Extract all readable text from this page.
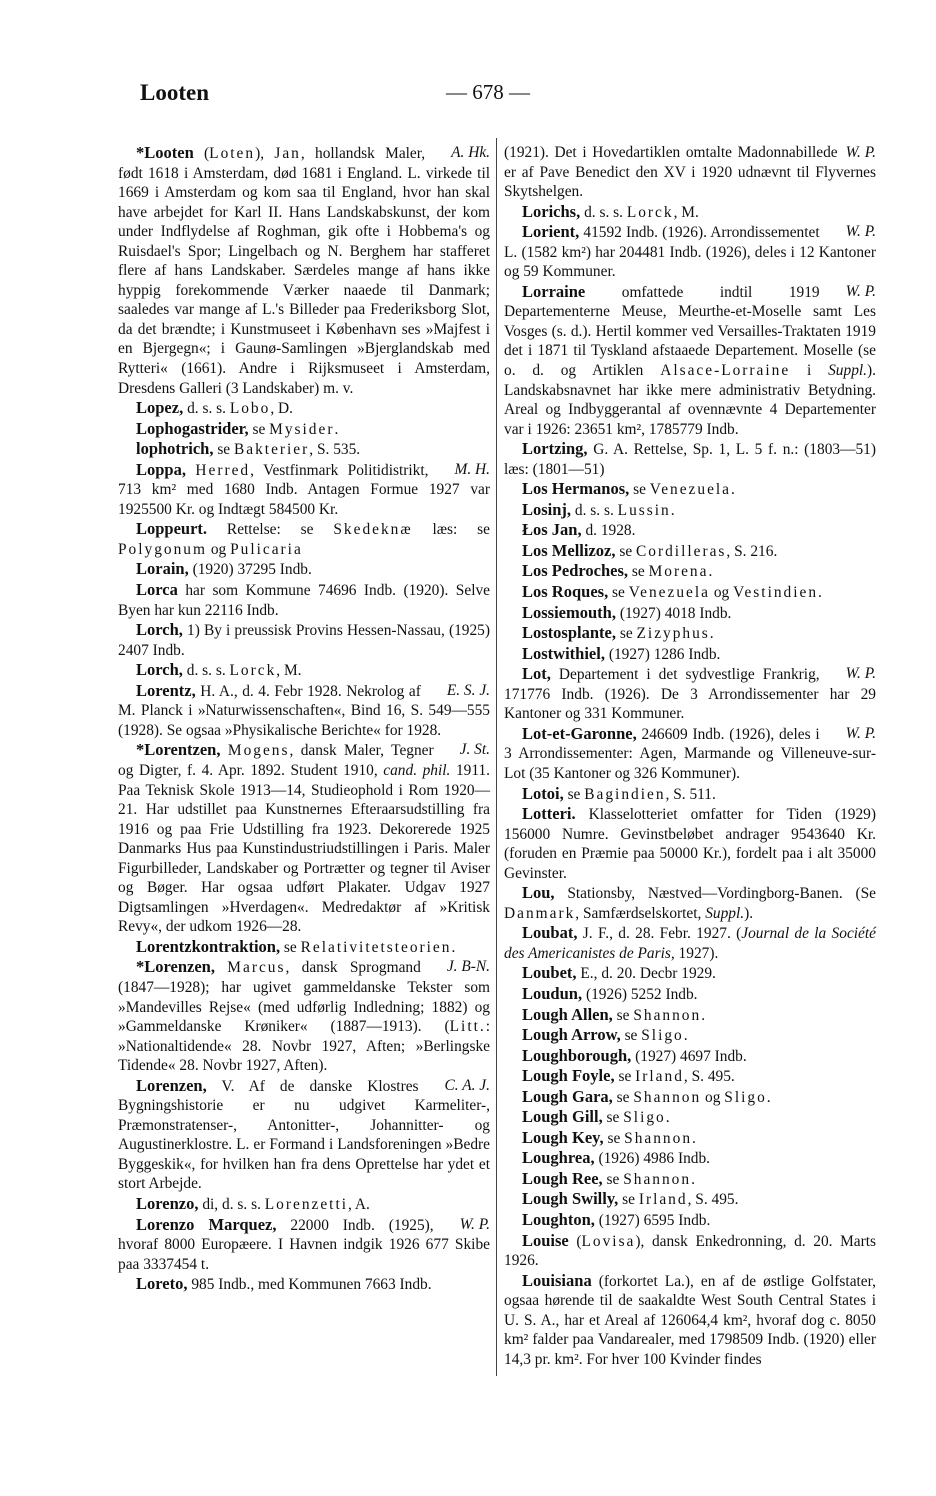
Looten	— 678 —

A. Hk.
*Looten (Loten), Jan, hollandsk Maler, født 1618 i Amsterdam, død 1681 i England. L. virkede til 1669 i Amsterdam og kom saa til England, hvor han skal have arbejdet for Karl II. Hans Landskabskunst, der kom under Indflydelse af Roghman, gik ofte i Hobbema's og Ruisdael's Spor; Lingelbach og N. Berghem har stafferet flere af hans Landskaber. Særdeles mange af hans ikke hyppig forekommende Værker naaede til Danmark; saaledes var mange af L.'s Billeder paa Frederiksborg Slot, da det brændte; i Kunstmuseet i København ses »Majfest i en Bjergegn«; i Gaunø-Samlingen »Bjerglandskab med Rytteri« (1661). Andre i Rijksmuseet i Amsterdam, Dresdens Galleri (3 Landskaber) m. v.

Lopez, d. s. s. Lobo, D.

Lophogastrider, se Mysider.

lophotrich, se Bakterier, S. 535.

M. H.
Loppa, Herred, Vestfinmark Politidistrikt, 713 km² med 1680 Indb. Antagen Formue 1927 var 1925500 Kr. og Indtægt 584500 Kr.

Loppeurt. Rettelse: se Skedeknæ læs: se Polygonum og Pulicaria

Lorain, (1920) 37295 Indb.

Lorca har som Kommune 74696 Indb. (1920). Selve Byen har kun 22116 Indb.

Lorch, 1) By i preussisk Provins Hessen-Nassau, (1925) 2407 Indb.

Lorch, d. s. s. Lorck, M.

E. S. J.
Lorentz, H. A., d. 4. Febr 1928. Nekrolog af M. Planck i »Naturwissenschaften«, Bind 16, S. 549—555 (1928). Se ogsaa »Physikalische Berichte« for 1928.

J. St.
*Lorentzen, Mogens, dansk Maler, Tegner og Digter, f. 4. Apr. 1892. Student 1910, cand. phil. 1911. Paa Teknisk Skole 1913—14, Studieophold i Rom 1920—21. Har udstillet paa Kunstnernes Efteraarsudstilling fra 1916 og paa Frie Udstilling fra 1923. Dekorerede 1925 Danmarks Hus paa Kunstindustriudstillingen i Paris. Maler Figurbilleder, Landskaber og Portrætter og tegner til Aviser og Bøger. Har ogsaa udført Plakater. Udgav 1927 Digtsamlingen »Hverdagen«. Medredaktør af »Kritisk Revy«, der udkom 1926—28.

Lorentzkontraktion, se Relativitetsteorien.

J. B-N.
*Lorenzen, Marcus, dansk Sprogmand (1847—1928); har ugivet gammeldanske Tekster som »Mandevilles Rejse« (med udførlig Indledning; 1882) og »Gammeldanske Krøniker« (1887—1913). (Litt.: »Nationaltidende« 28. Novbr 1927, Aften; »Berlingske Tidende« 28. Novbr 1927, Aften).

C. A. J.
Lorenzen, V. Af de danske Klostres Bygningshistorie er nu udgivet Karmeliter-, Præmonstratenser-, Antonitter-, Johannitter- og Augustinerklostre. L. er Formand i Landsforeningen »Bedre Byggeskik«, for hvilken han fra dens Oprettelse har ydet et stort Arbejde.

Lorenzo, di, d. s. s. Lorenzetti, A.

W. P.
Lorenzo Marquez, 22000 Indb. (1925), hvoraf 8000 Europæere. I Havnen indgik 1926 677 Skibe paa 3337454 t.

Loreto, 985 Indb., med Kommunen 7663 Indb.

W. P.
(1921). Det i Hovedartiklen omtalte Madonnabillede er af Pave Benedict den XV i 1920 udnævnt til Flyvernes Skytshelgen.

Lorichs, d. s. s. Lorck, M.

W. P.
Lorient, 41592 Indb. (1926). Arrondissementet L. (1582 km²) har 204481 Indb. (1926), deles i 12 Kantoner og 59 Kommuner.

W. P.
Lorraine omfattede indtil 1919 Departementerne Meuse, Meurthe-et-Moselle samt Les Vosges (s. d.). Hertil kommer ved Versailles-Traktaten 1919 det i 1871 til Tyskland afstaaede Departement. Moselle (se o. d. og Artiklen Alsace-Lorraine i Suppl.). Landskabsnavnet har ikke mere administrativ Betydning. Areal og Indbyggerantal af ovennævnte 4 Departementer var i 1926: 23651 km², 1785779 Indb.

Lortzing, G. A. Rettelse, Sp. 1, L. 5 f. n.: (1803—51) læs: (1801—51)

Los Hermanos, se Venezuela.

Losinj, d. s. s. Lussin.

Łos Jan, d. 1928.

Los Mellizoz, se Cordilleras, S. 216.

Los Pedroches, se Morena.

Los Roques, se Venezuela og Vestindien.

Lossiemouth, (1927) 4018 Indb.

Lostosplante, se Zizyphus.

Lostwithiel, (1927) 1286 Indb.

W. P.
Lot, Departement i det sydvestlige Frankrig, 171776 Indb. (1926). De 3 Arrondissementer har 29 Kantoner og 331 Kommuner.

W. P.
Lot-et-Garonne, 246609 Indb. (1926), deles i 3 Arrondissementer: Agen, Marmande og Villeneuve-sur-Lot (35 Kantoner og 326 Kommuner).

Lotoi, se Bagindien, S. 511.

Lotteri. Klasselotteriet omfatter for Tiden (1929) 156000 Numre. Gevinstbeløbet andrager 9543640 Kr. (foruden en Præmie paa 50000 Kr.), fordelt paa i alt 35000 Gevinster.

Lou, Stationsby, Næstved—Vordingborg-Banen. (Se Danmark, Samfærdselskortet, Suppl.).

Loubat, J. F., d. 28. Febr. 1927. (Journal de la Société des Americanistes de Paris, 1927).

Loubet, E., d. 20. Decbr 1929.

Loudun, (1926) 5252 Indb.

Lough Allen, se Shannon.

Lough Arrow, se Sligo.

Loughborough, (1927) 4697 Indb.

Lough Foyle, se Irland, S. 495.

Lough Gara, se Shannon og Sligo.

Lough Gill, se Sligo.

Lough Key, se Shannon.

Loughrea, (1926) 4986 Indb.

Lough Ree, se Shannon.

Lough Swilly, se Irland, S. 495.

Loughton, (1927) 6595 Indb.

Louise (Lovisa), dansk Enkedronning, d. 20. Marts 1926.

Louisiana (forkortet La.), en af de østlige Golfstater, ogsaa hørende til de saakaldte West South Central States i U. S. A., har et Areal af 126064,4 km², hvoraf dog c. 8050 km² falder paa Vandarealer, med 1798509 Indb. (1920) eller 14,3 pr. km². For hver 100 Kvinder findes
